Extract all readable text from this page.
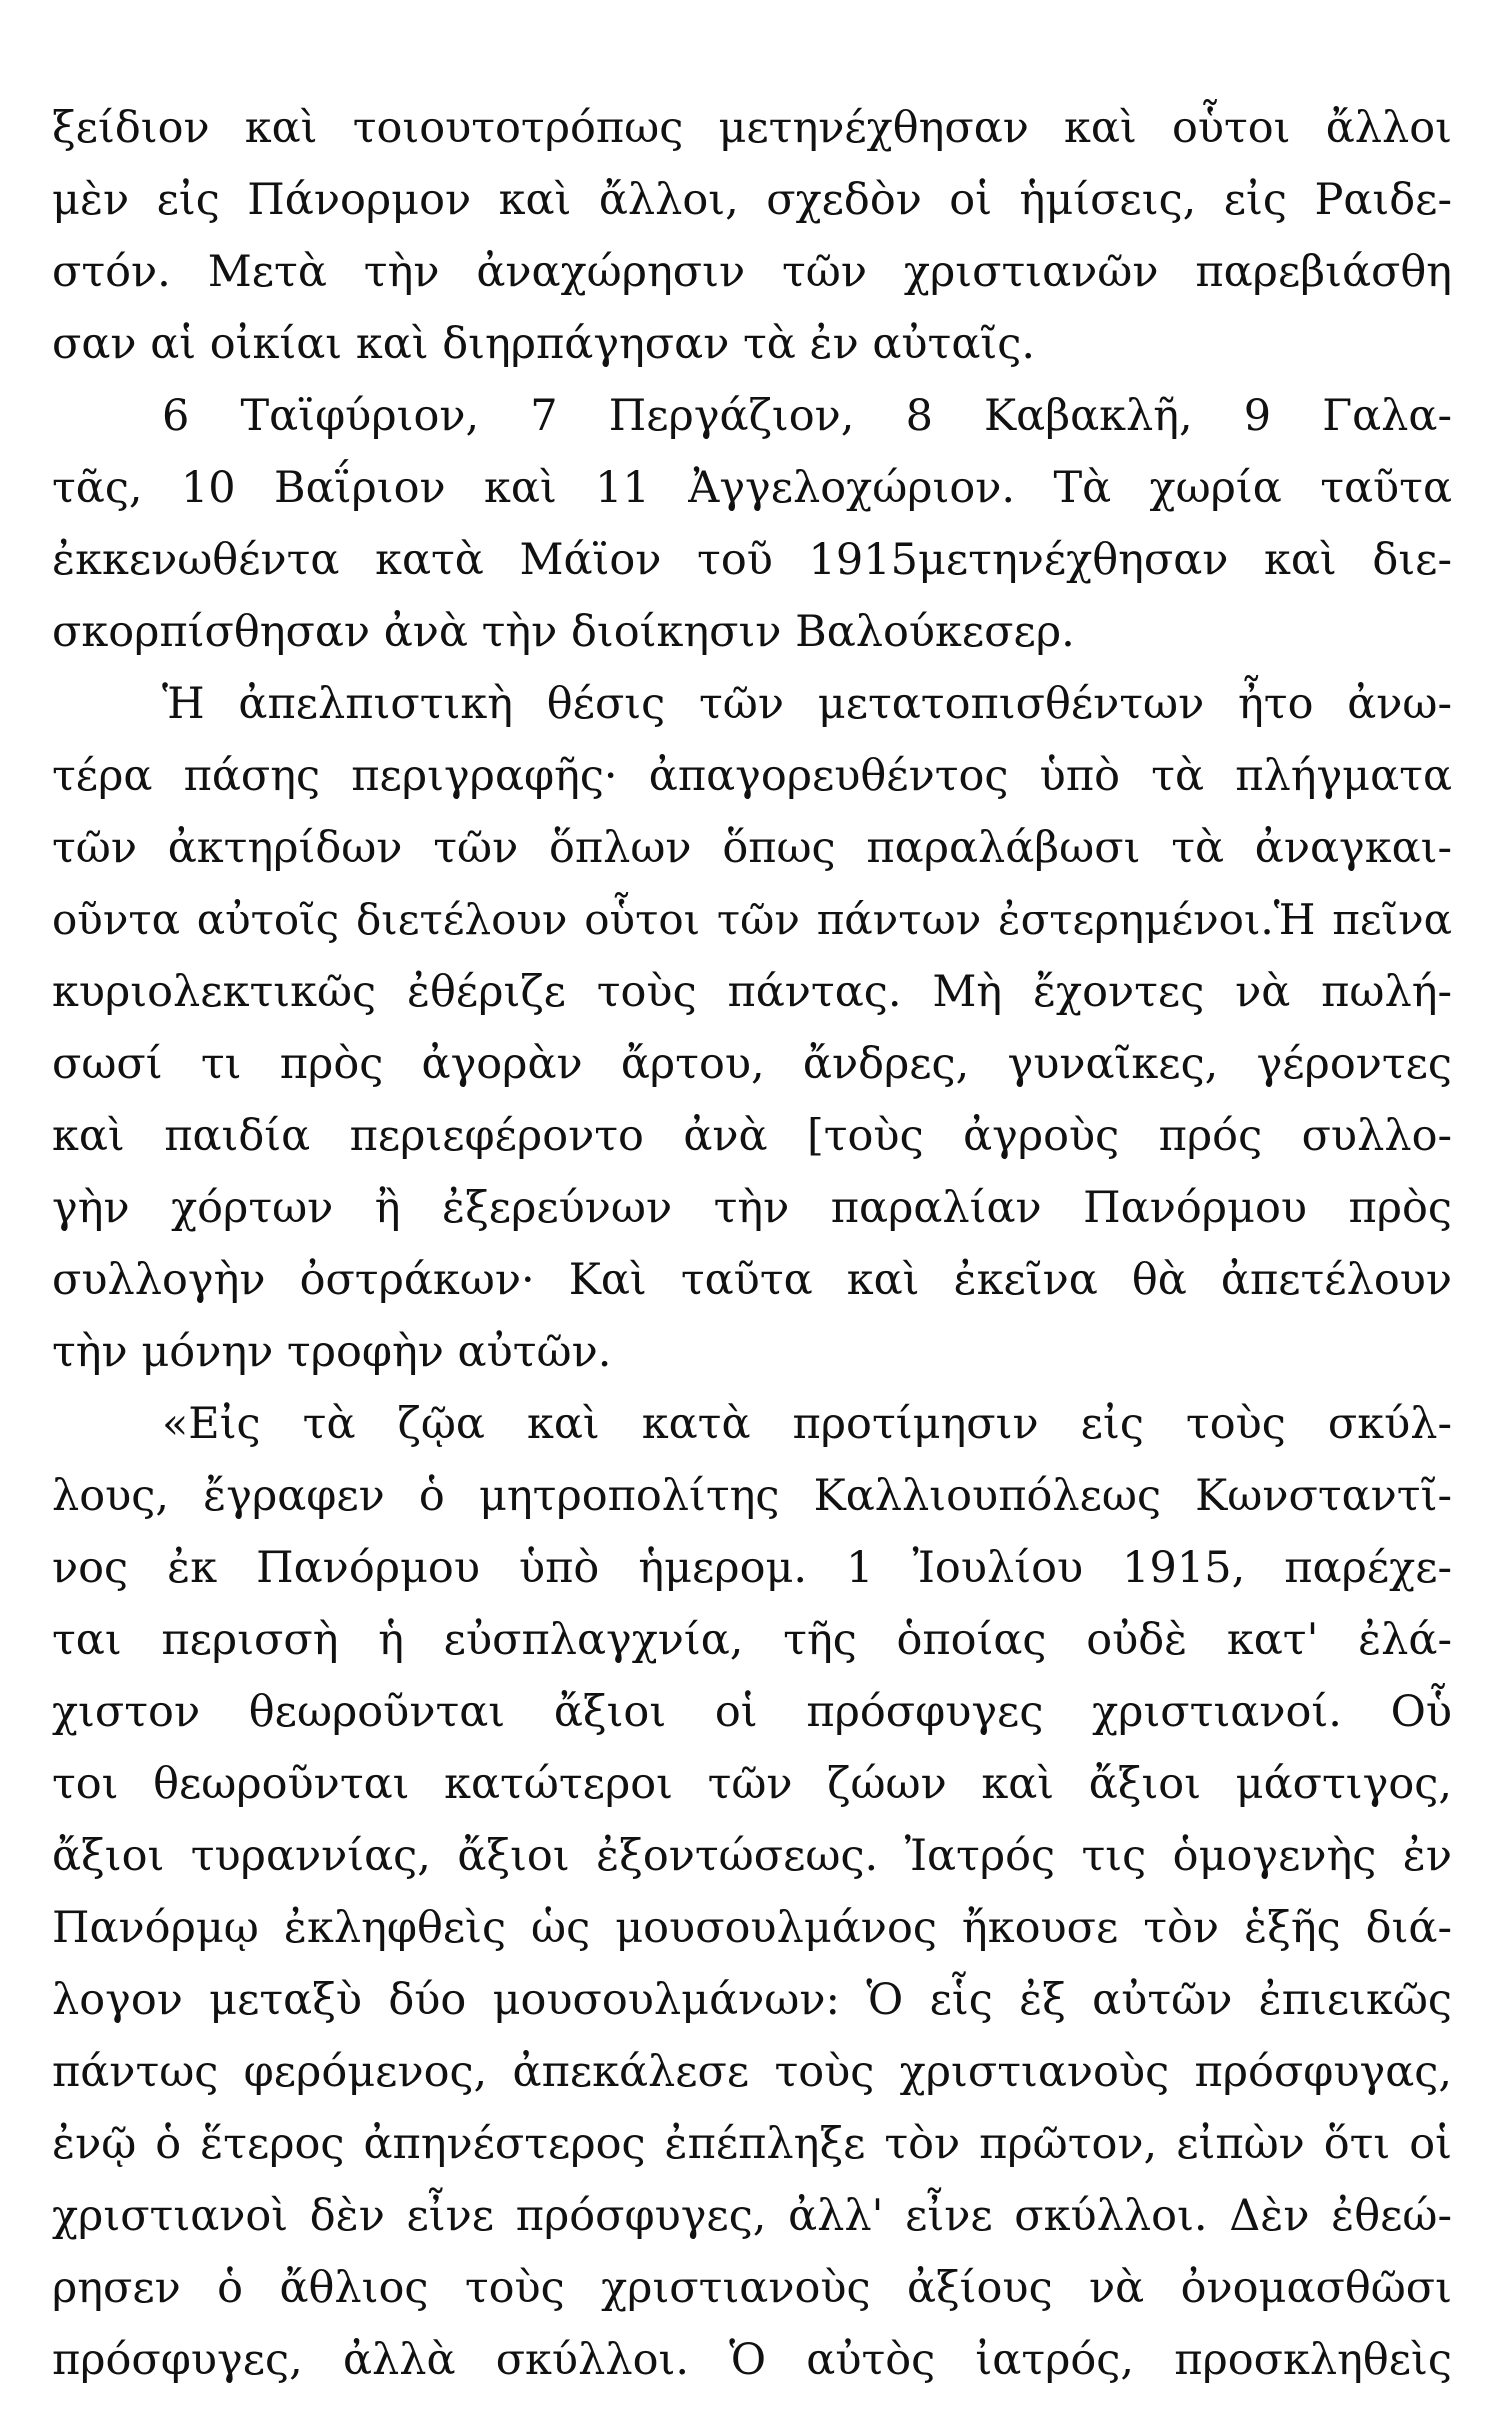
ξείδιον καὶ τοιουτοτρόπως μετηνέχθησαν καὶ οὗτοι ἄλλοι
μὲν εἰς Πάνορμον καὶ ἄλλοι, σχεδὸν οἱ ἡμίσεις, εἰς Ραιδε-
στόν. Μετὰ τὴν ἀναχώρησιν τῶν χριστιανῶν παρεβιάσθη
σαν αἱ οἰκίαι καὶ διηρπάγησαν τὰ ἐν αὐταῖς.
6 Ταϊφύριον, 7 Περγάζιον, 8 Καβακλῆ, 9 Γαλα-
τᾶς, 10 Βαΐριον καὶ 11 Ἀγγελοχώριον. Τὰ χωρία ταῦτα
ἐκκενωθέντα κατὰ Μάϊον τοῦ 1915μετηνέχθησαν καὶ διε-
σκορπίσθησαν ἀνὰ τὴν διοίκησιν Βαλούκεσερ.
Ἡ ἀπελπιστικὴ θέσις τῶν μετατοπισθέντων ἦτο ἀνω-
τέρα πάσης περιγραφῆς· ἀπαγορευθέντος ὑπὸ τὰ πλήγματα
τῶν ἀκτηρίδων τῶν ὅπλων ὅπως παραλάβωσι τὰ ἀναγκαι-
οῦντα αὐτοῖς διετέλουν οὗτοι τῶν πάντων ἐστερημένοι.Ἡ πεῖνα
κυριολεκτικῶς ἐθέριζε τοὺς πάντας. Μὴ ἔχοντες νὰ πωλή-
σωσί τι πρὸς ἀγορὰν ἄρτου, ἄνδρες, γυναῖκες, γέροντες
καὶ παιδία περιεφέροντο ἀνὰ [τοὺς ἀγροὺς πρός συλλο-
γὴν χόρτων ἢ ἐξερεύνων τὴν παραλίαν Πανόρμου πρὸς
συλλογὴν ὀστράκων· Καὶ ταῦτα καὶ ἐκεῖνα θὰ ἀπετέλουν
τὴν μόνην τροφὴν αὐτῶν.
«Εἰς τὰ ζῷα καὶ κατὰ προτίμησιν εἰς τοὺς σκύλ-
λους, ἔγραφεν ὁ μητροπολίτης Καλλιουπόλεως Κωνσταντῖ-
νος ἐκ Πανόρμου ὑπὸ ἡμερομ. 1 Ἰουλίου 1915, παρέχε-
ται περισσὴ ἡ εὐσπλαγχνία, τῆς ὁποίας οὐδὲ κατ' ἐλά-
χιστον θεωροῦνται ἄξιοι οἱ πρόσφυγες χριστιανοί. Οὗ
τοι θεωροῦνται κατώτεροι τῶν ζώων καὶ ἄξιοι μάστιγος,
ἄξιοι τυραννίας, ἄξιοι ἐξοντώσεως. Ἰατρός τις ὁμογενὴς ἐν
Πανόρμῳ ἐκληφθεὶς ὡς μουσουλμάνος ἤκουσε τὸν ἑξῆς διά-
λογον μεταξὺ δύο μουσουλμάνων: Ὁ εἷς ἐξ αὐτῶν ἐπιεικῶς
πάντως φερόμενος, ἀπεκάλεσε τοὺς χριστιανοὺς πρόσφυγας,
ἐνῷ ὁ ἕτερος ἀπηνέστερος ἐπέπληξε τὸν πρῶτον, εἰπὼν ὅτι οἱ
χριστιανοὶ δὲν εἶνε πρόσφυγες, ἀλλ' εἶνε σκύλλοι. Δὲν ἐθεώ-
ρησεν ὁ ἄθλιος τοὺς χριστιανοὺς ἀξίους νὰ ὀνομασθῶσι
πρόσφυγες, ἀλλὰ σκύλλοι. Ὁ αὐτὸς ἰατρός, προσκληθεὶς
